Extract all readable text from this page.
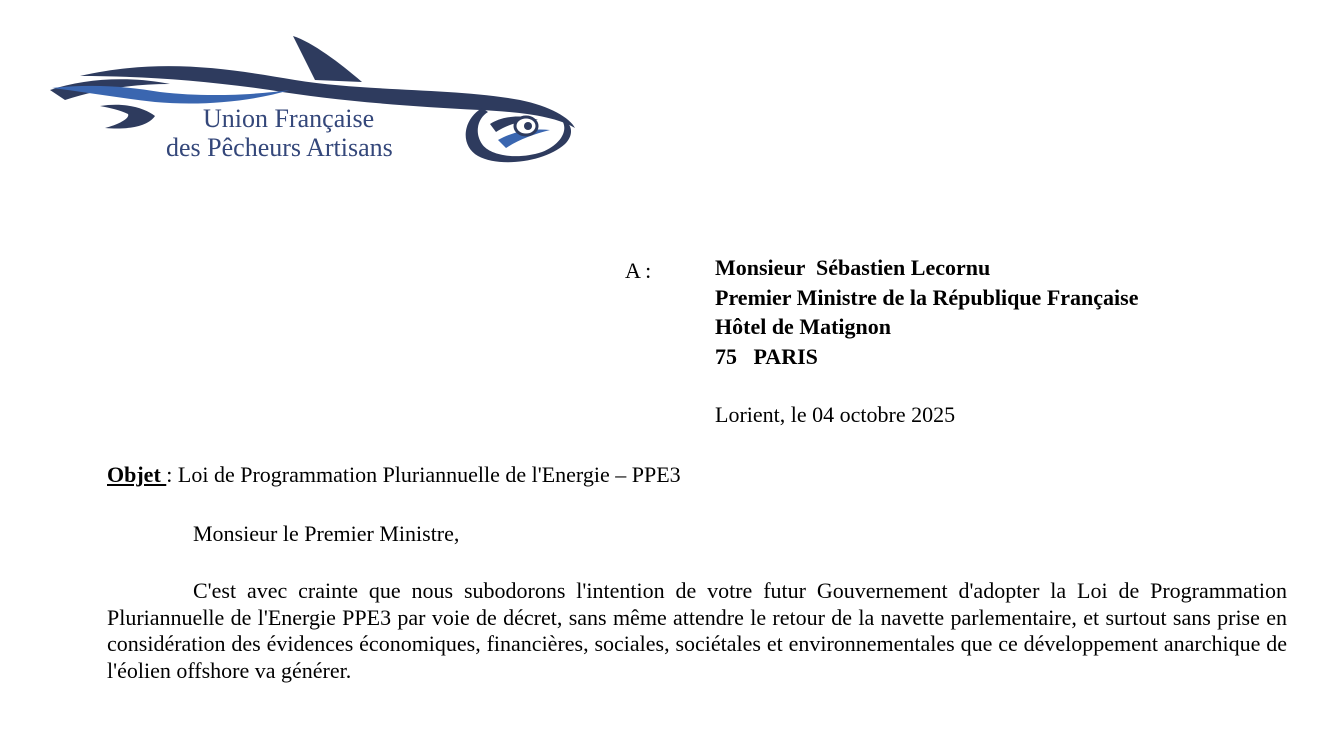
Union Française
des Pêcheurs Artisans
A :	Monsieur  Sébastien Lecornu
Premier Ministre de la République Française
Hôtel de Matignon
75   PARIS
Lorient, le 04 octobre 2025
Objet : Loi de Programmation Pluriannuelle de l'Energie – PPE3
Monsieur le Premier Ministre,

C'est avec crainte que nous subodorons l'intention de votre futur Gouvernement d'adopter la Loi de Programmation Pluriannuelle de l'Energie PPE3 par voie de décret, sans même attendre le retour de la navette parlementaire, et surtout sans prise en considération des évidences économiques, financières, sociales, sociétales et environnementales que ce développement anarchique de l'éolien offshore va générer.
